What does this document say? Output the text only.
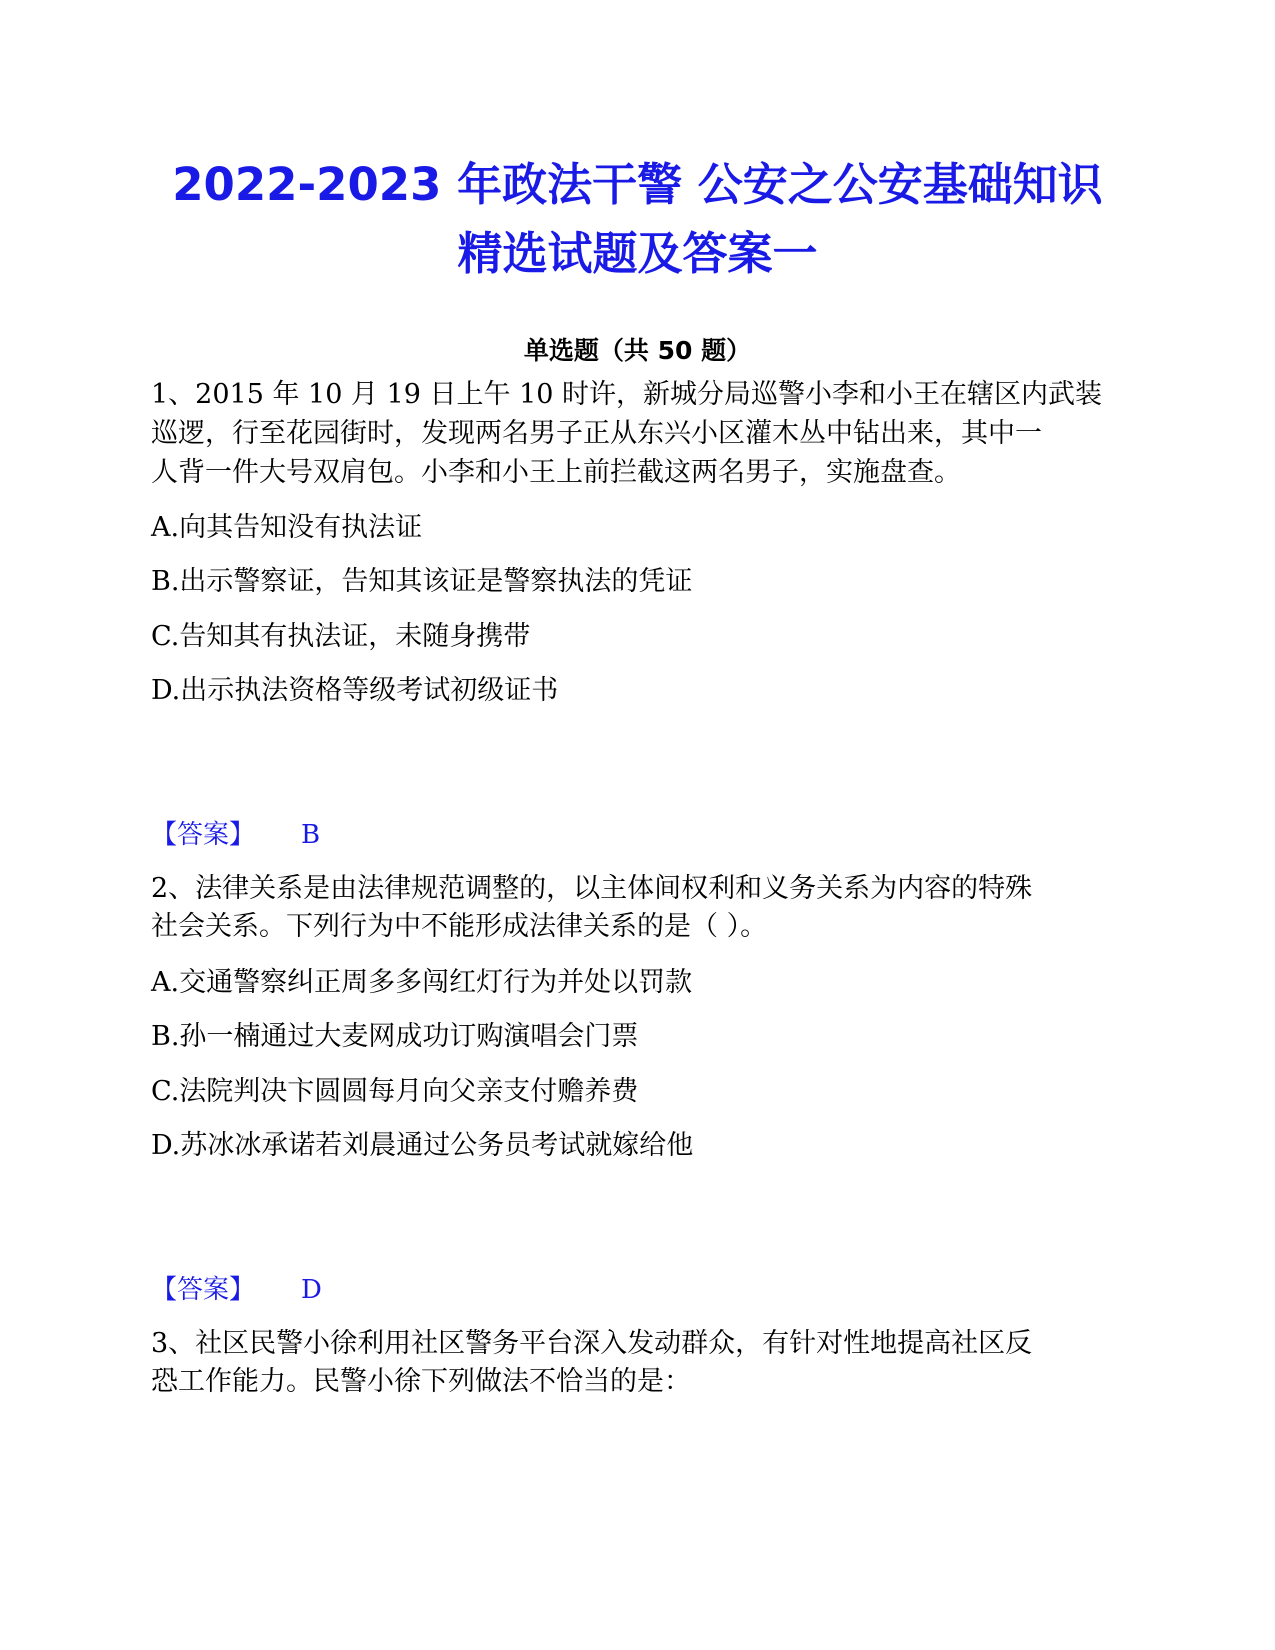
2022-2023 年政法干警 公安之公安基础知识
精选试题及答案一
单选题（共 50 题）
1、2015 年 10 月 19 日上午 10 时许，新城分局巡警小李和小王在辖区内武装
巡逻，行至花园街时，发现两名男子正从东兴小区灌木丛中钻出来，其中一
人背一件大号双肩包。小李和小王上前拦截这两名男子，实施盘查。
A.向其告知没有执法证
B.出示警察证，告知其该证是警察执法的凭证
C.告知其有执法证，未随身携带
D.出示执法资格等级考试初级证书
【答案】 B
2、法律关系是由法律规范调整的，以主体间权利和义务关系为内容的特殊
社会关系。下列行为中不能形成法律关系的是（ ）。
A.交通警察纠正周多多闯红灯行为并处以罚款
B.孙一楠通过大麦网成功订购演唱会门票
C.法院判决卞圆圆每月向父亲支付赡养费
D.苏冰冰承诺若刘晨通过公务员考试就嫁给他
【答案】 D
3、社区民警小徐利用社区警务平台深入发动群众，有针对性地提高社区反
恐工作能力。民警小徐下列做法不恰当的是：
